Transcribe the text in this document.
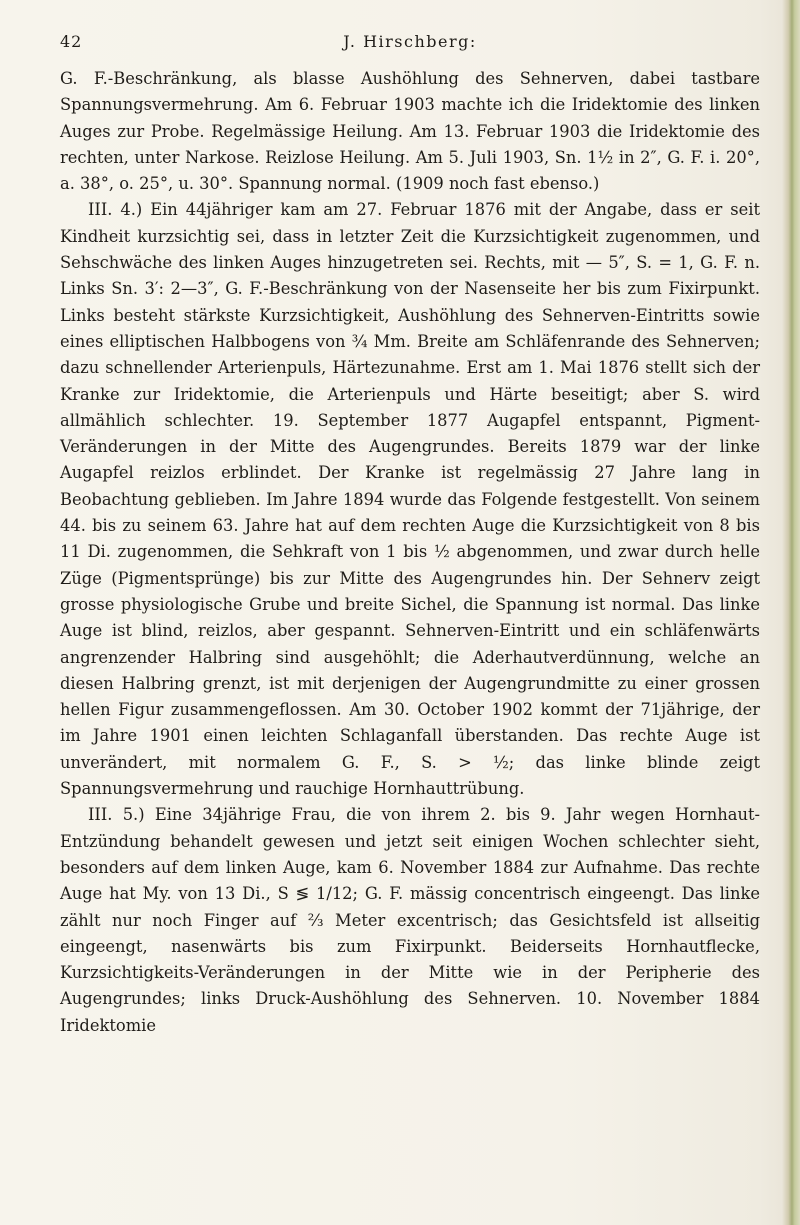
42	J. Hirschberg:

G. F.-Beschränkung, als blasse Aushöhlung des Sehnerven, dabei tastbare Spannungsvermehrung. Am 6. Februar 1903 machte ich die Iridektomie des linken Auges zur Probe. Regelmässige Heilung. Am 13. Februar 1903 die Iridektomie des rechten, unter Narkose. Reizlose Heilung. Am 5. Juli 1903, Sn. 1½ in 2″, G. F. i. 20°, a. 38°, o. 25°, u. 30°. Spannung normal. (1909 noch fast ebenso.)

III. 4.) Ein 44jähriger kam am 27. Februar 1876 mit der Angabe, dass er seit Kindheit kurzsichtig sei, dass in letzter Zeit die Kurzsichtigkeit zugenommen, und Sehschwäche des linken Auges hinzugetreten sei. Rechts, mit — 5″, S. = 1, G. F. n. Links Sn. 3′: 2—3″, G. F.-Beschränkung von der Nasenseite her bis zum Fixirpunkt. Links besteht stärkste Kurzsichtigkeit, Aushöhlung des Sehnerven-Eintritts sowie eines elliptischen Halbbogens von ¾ Mm. Breite am Schläfenrande des Sehnerven; dazu schnellender Arterienpuls, Härtezunahme. Erst am 1. Mai 1876 stellt sich der Kranke zur Iridektomie, die Arterienpuls und Härte beseitigt; aber S. wird allmählich schlechter. 19. September 1877 Augapfel entspannt, Pigment-Veränderungen in der Mitte des Augengrundes. Bereits 1879 war der linke Augapfel reizlos erblindet. Der Kranke ist regelmässig 27 Jahre lang in Beobachtung geblieben. Im Jahre 1894 wurde das Folgende festgestellt. Von seinem 44. bis zu seinem 63. Jahre hat auf dem rechten Auge die Kurzsichtigkeit von 8 bis 11 Di. zugenommen, die Sehkraft von 1 bis ½ abgenommen, und zwar durch helle Züge (Pigmentsprünge) bis zur Mitte des Augengrundes hin. Der Sehnerv zeigt grosse physiologische Grube und breite Sichel, die Spannung ist normal. Das linke Auge ist blind, reizlos, aber gespannt. Sehnerven-Eintritt und ein schläfenwärts angrenzender Halbring sind ausgehöhlt; die Aderhautverdünnung, welche an diesen Halbring grenzt, ist mit derjenigen der Augengrundmitte zu einer grossen hellen Figur zusammengeflossen. Am 30. October 1902 kommt der 71jährige, der im Jahre 1901 einen leichten Schlaganfall überstanden. Das rechte Auge ist unverändert, mit normalem G. F., S. > ½; das linke blinde zeigt Spannungsvermehrung und rauchige Hornhauttrübung.

III. 5.) Eine 34jährige Frau, die von ihrem 2. bis 9. Jahr wegen Hornhaut-Entzündung behandelt gewesen und jetzt seit einigen Wochen schlechter sieht, besonders auf dem linken Auge, kam 6. November 1884 zur Aufnahme. Das rechte Auge hat My. von 13 Di., S ≶ 1/12; G. F. mässig concentrisch eingeengt. Das linke zählt nur noch Finger auf ⅔ Meter excentrisch; das Gesichtsfeld ist allseitig eingeengt, nasenwärts bis zum Fixirpunkt. Beiderseits Hornhautflecke, Kurzsichtigkeits-Veränderungen in der Mitte wie in der Peripherie des Augengrundes; links Druck-Aushöhlung des Sehnerven. 10. November 1884 Iridektomie
